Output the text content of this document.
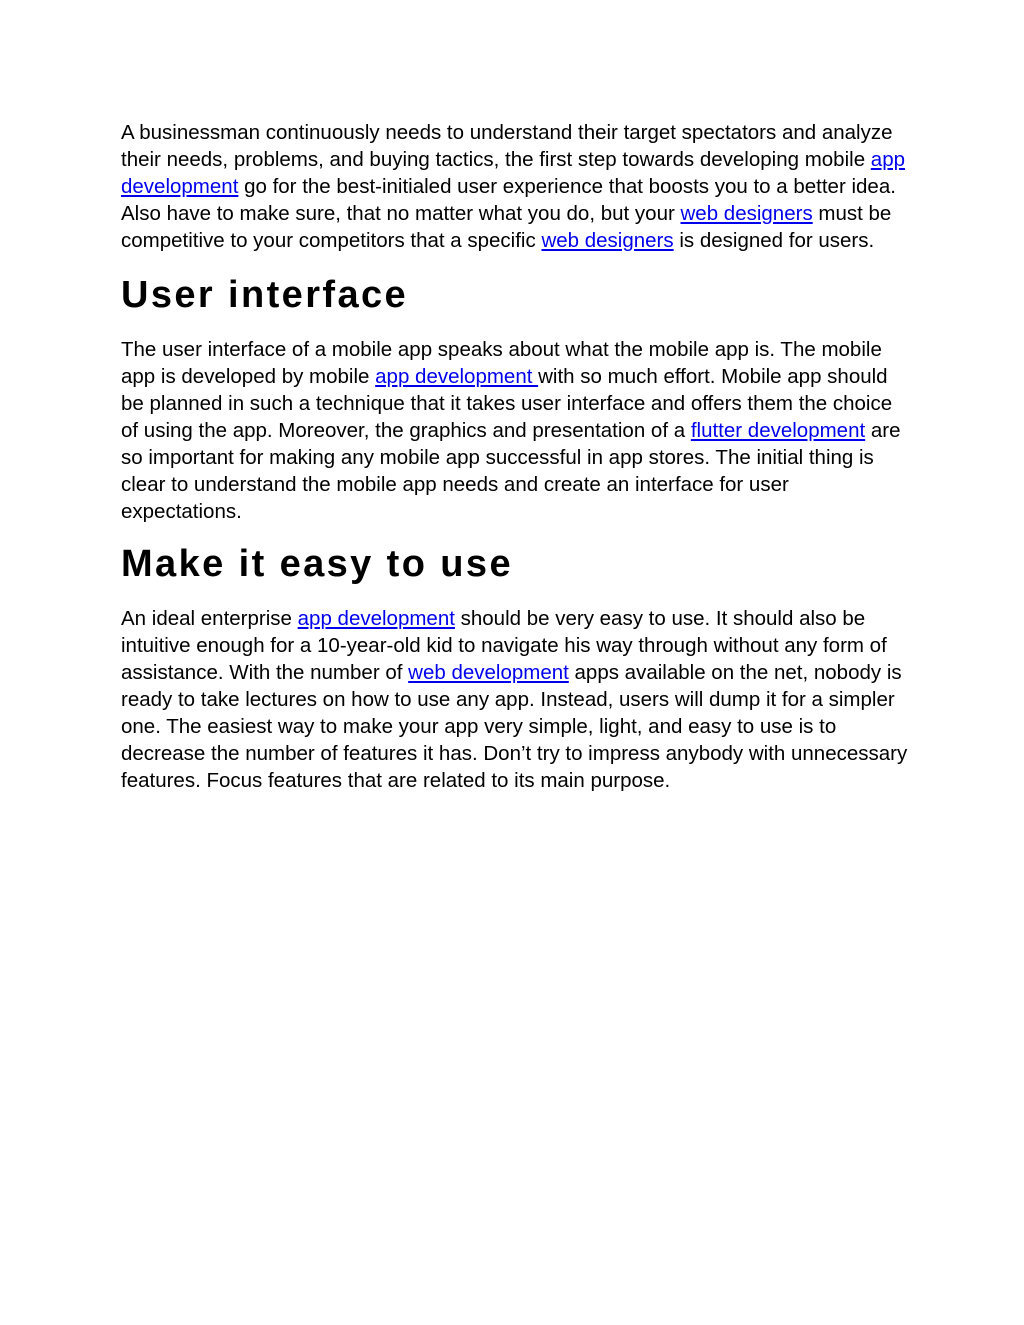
A businessman continuously needs to understand their target spectators and analyze their needs, problems, and buying tactics, the first step towards developing mobile app development go for the best-initialed user experience that boosts you to a better idea. Also have to make sure, that no matter what you do, but your web designers must be competitive to your competitors that a specific web designers is designed for users.

User interface

The user interface of a mobile app speaks about what the mobile app is. The mobile app is developed by mobile app development with so much effort. Mobile app should be planned in such a technique that it takes user interface and offers them the choice of using the app. Moreover, the graphics and presentation of a flutter development are so important for making any mobile app successful in app stores. The initial thing is clear to understand the mobile app needs and create an interface for user expectations.

Make it easy to use

An ideal enterprise app development should be very easy to use. It should also be intuitive enough for a 10-year-old kid to navigate his way through without any form of assistance. With the number of web development apps available on the net, nobody is ready to take lectures on how to use any app. Instead, users will dump it for a simpler one. The easiest way to make your app very simple, light, and easy to use is to decrease the number of features it has. Don’t try to impress anybody with unnecessary features. Focus features that are related to its main purpose.
